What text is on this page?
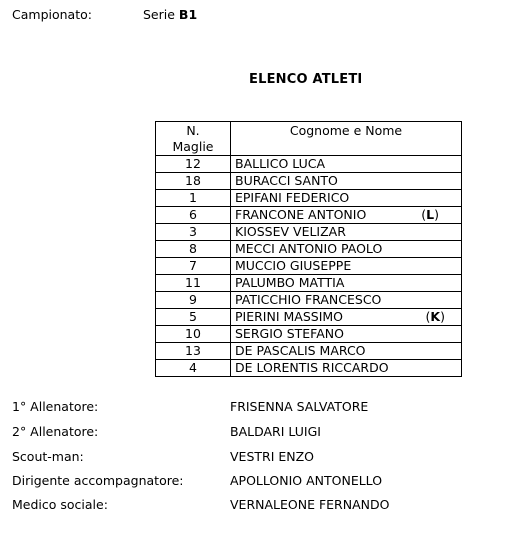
Campionato:	Serie B1
ELENCO ATLETI
N.
Maglie	Cognome e Nome
12	BALLICO LUCA
18	BURACCI SANTO
1	EPIFANI FEDERICO
6	FRANCONE ANTONIO (L)

3	KIOSSEV VELIZAR
8	MECCI ANTONIO PAOLO
7	MUCCIO GIUSEPPE
11	PALUMBO MATTIA
9	PATICCHIO FRANCESCO
5	PIERINI MASSIMO (K)

10	SERGIO STEFANO
13	DE PASCALIS MARCO
4	DE LORENTIS RICCARDO
1° Allenatore:	FRISENNA SALVATORE
2° Allenatore:	BALDARI LUIGI
Scout-man:	VESTRI ENZO
Dirigente accompagnatore:	APOLLONIO ANTONELLO
Medico sociale:	VERNALEONE FERNANDO
